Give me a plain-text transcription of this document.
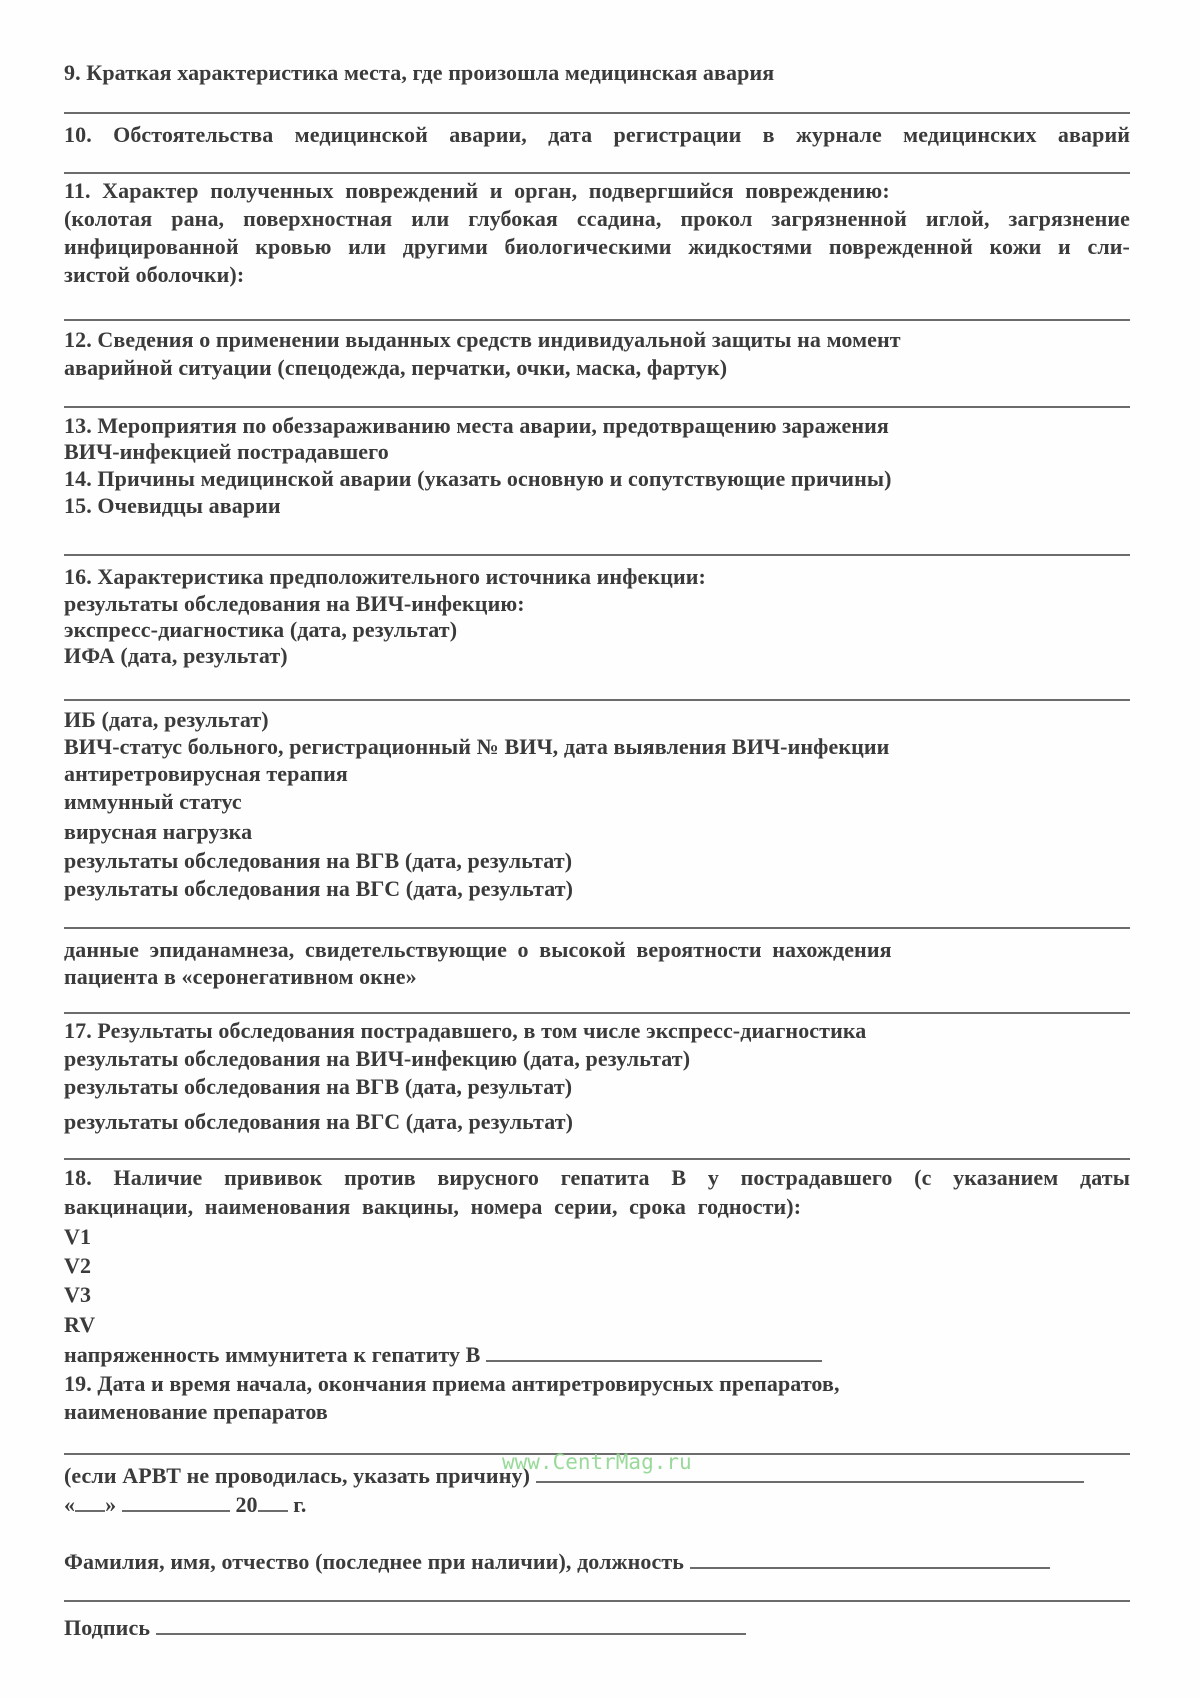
9. Краткая характеристика места, где произошла медицинская авария
10. Обстоятельства медицинской аварии, дата регистрации в журнале медицинских аварий
11. Характер полученных повреждений и орган, подвергшийся повреждению:
(колотая рана, поверхностная или глубокая ссадина, прокол загрязненной иглой, загрязнение
инфицированной кровью или другими биологическими жидкостями поврежденной кожи и сли-
зистой оболочки):
12. Сведения о применении выданных средств индивидуальной защиты на момент
аварийной ситуации (спецодежда, перчатки, очки, маска, фартук)
13. Мероприятия по обеззараживанию места аварии, предотвращению заражения
ВИЧ-инфекцией пострадавшего
14. Причины медицинской аварии (указать основную и сопутствующие причины)
15. Очевидцы аварии
16. Характеристика предположительного источника инфекции:
результаты обследования на ВИЧ-инфекцию:
экспресс-диагностика (дата, результат)
ИФА (дата, результат)
ИБ (дата, результат)
ВИЧ-статус больного, регистрационный № ВИЧ, дата выявления ВИЧ-инфекции
антиретровирусная терапия
иммунный статус
вирусная нагрузка
результаты обследования на ВГВ (дата, результат)
результаты обследования на ВГС (дата, результат)
данные эпиданамнеза, свидетельствующие о высокой вероятности нахождения
пациента в «серонегативном окне»
17. Результаты обследования пострадавшего, в том числе экспресс-диагностика
результаты обследования на ВИЧ-инфекцию (дата, результат)
результаты обследования на ВГВ (дата, результат)
результаты обследования на ВГС (дата, результат)
18. Наличие прививок против вирусного гепатита В у пострадавшего (с указанием даты
вакцинации, наименования вакцины, номера серии, срока годности):
V1
V2
V3
RV
напряженность иммунитета к гепатиту В
19. Дата и время начала, окончания приема антиретровирусных препаратов,
наименование препаратов
(если АРВТ не проводилась, указать причину)
« »	20 г.
Фамилия, имя, отчество (последнее при наличии), должность
Подпись
www.CentrMag.ru
